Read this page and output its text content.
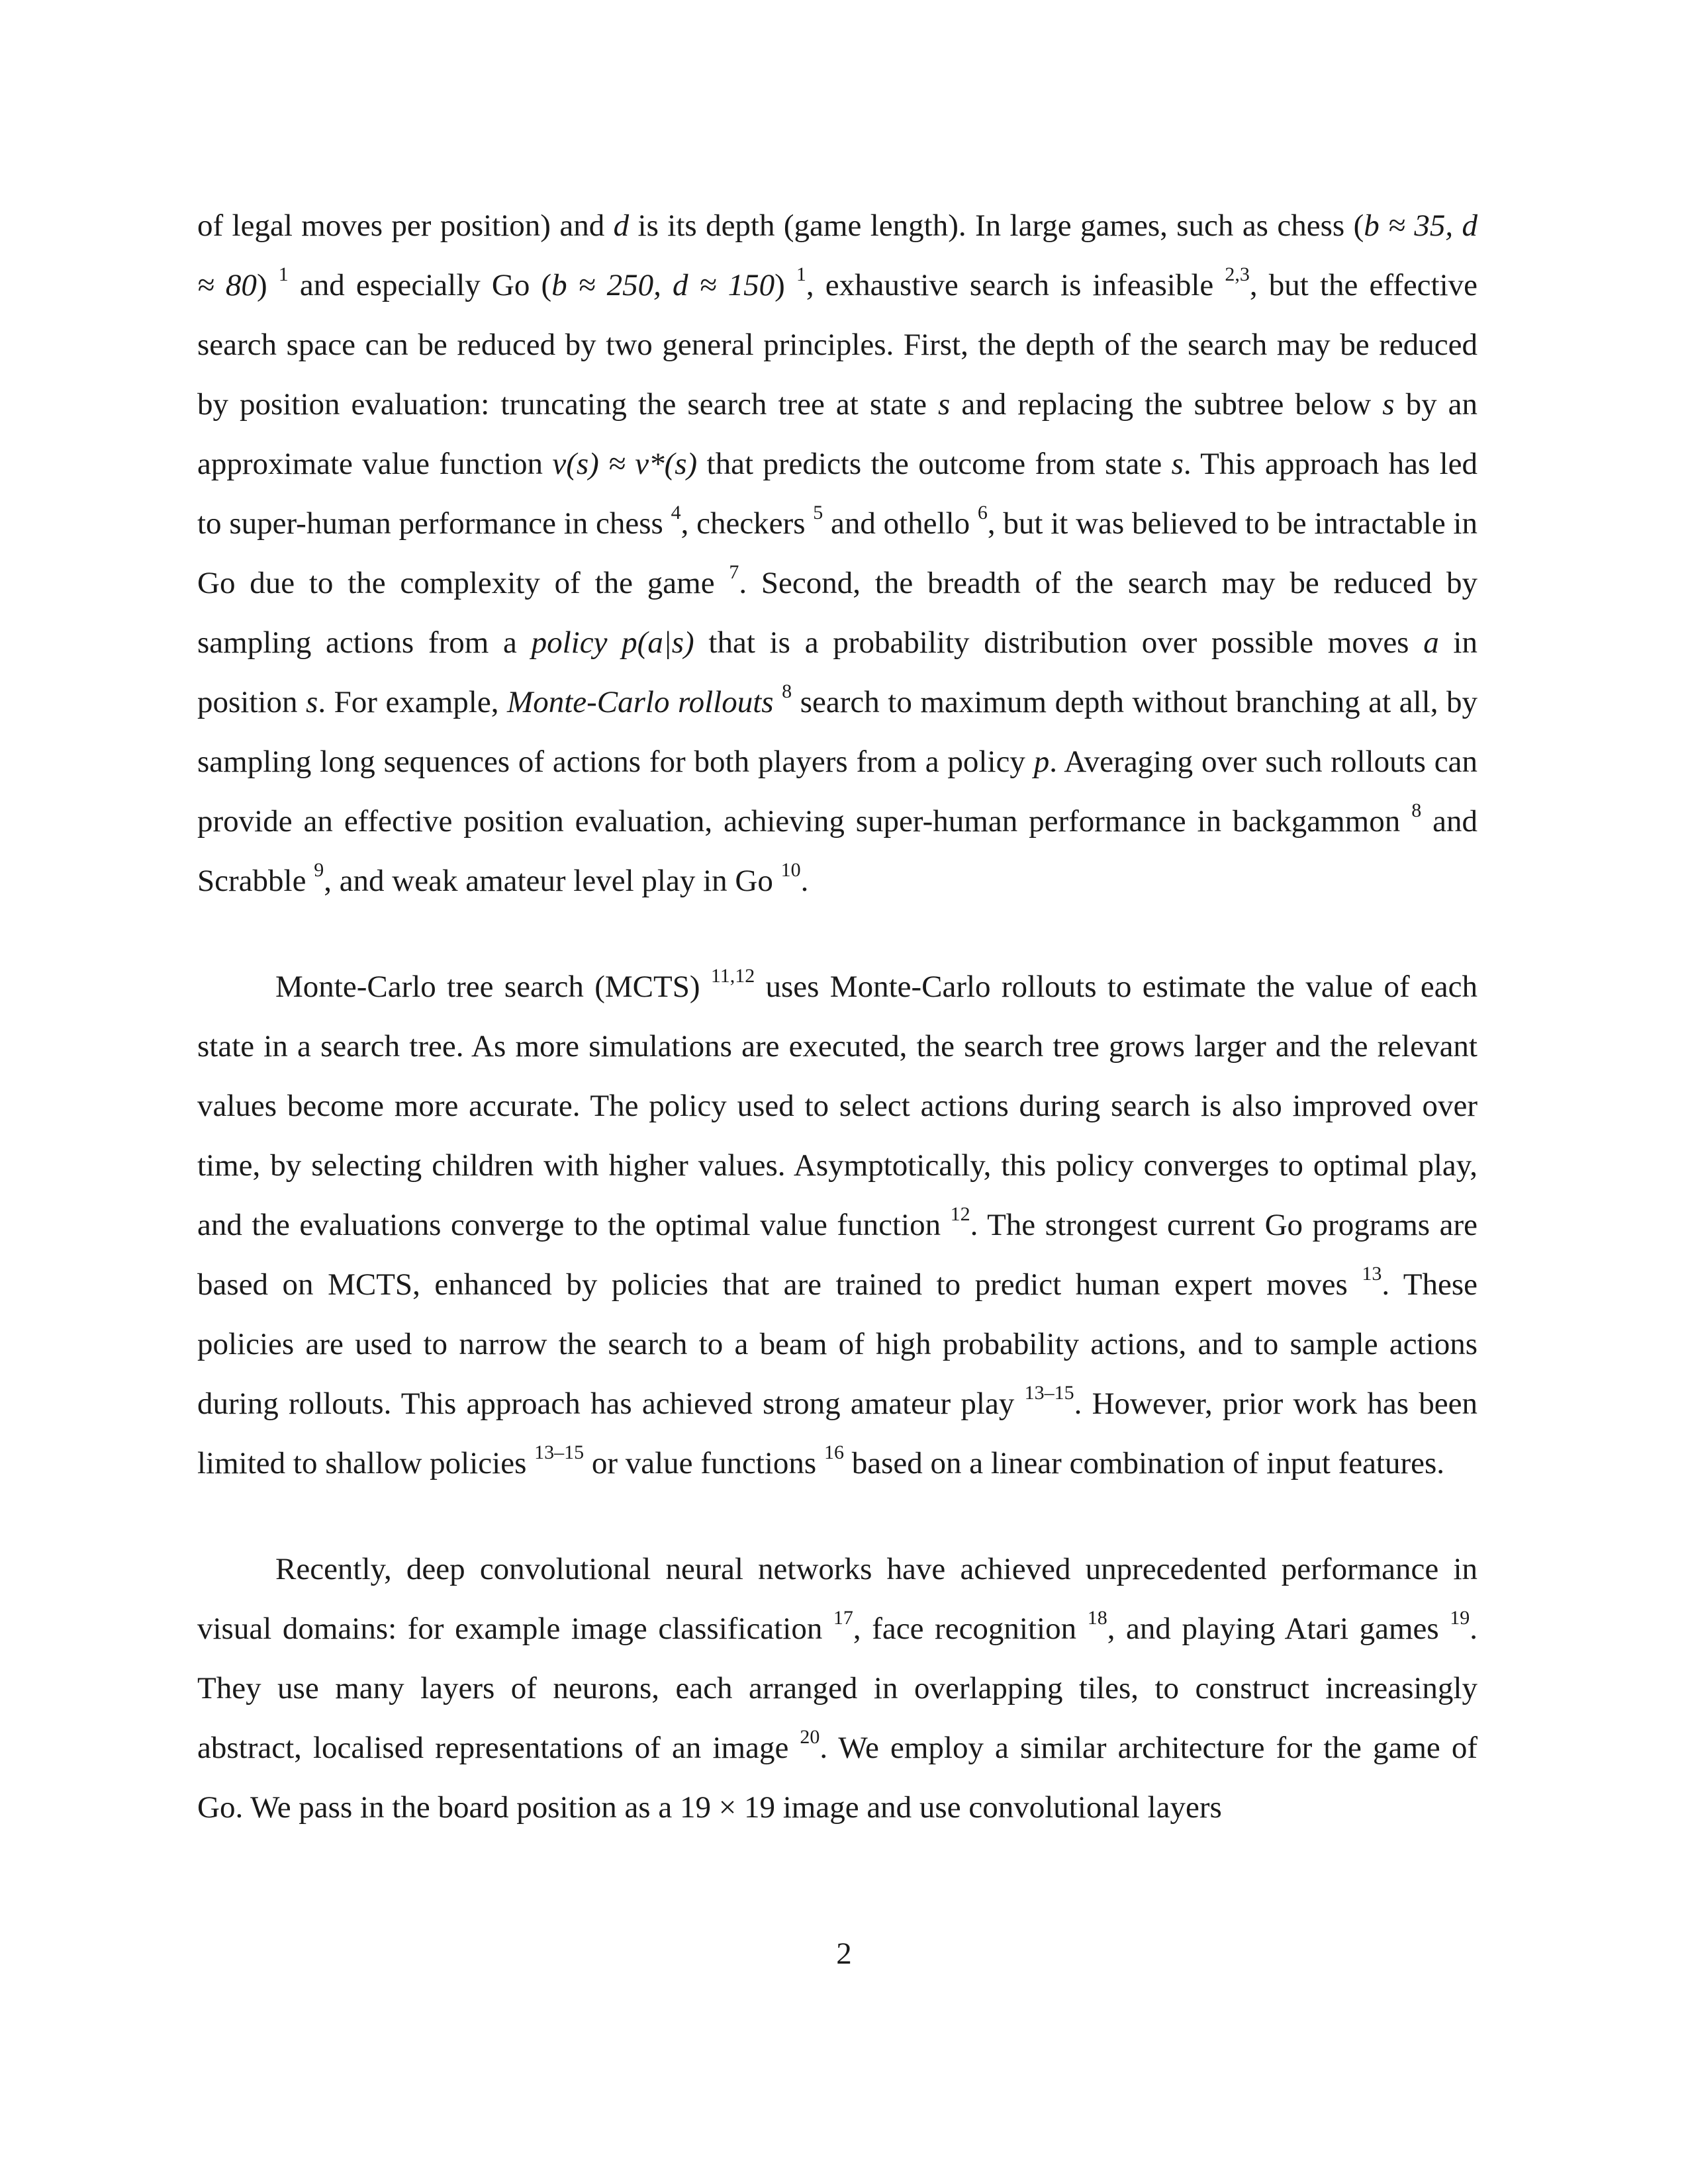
of legal moves per position) and d is its depth (game length). In large games, such as chess (b ≈ 35, d ≈ 80) $^1$ and especially Go (b ≈ 250, d ≈ 150) $^1$, exhaustive search is infeasible $^{2,3}$, but the effective search space can be reduced by two general principles. First, the depth of the search may be reduced by position evaluation: truncating the search tree at state s and replacing the subtree below s by an approximate value function v(s) ≈ v*(s) that predicts the outcome from state s. This approach has led to super-human performance in chess $^4$, checkers $^5$ and othello $^6$, but it was believed to be intractable in Go due to the complexity of the game $^7$. Second, the breadth of the search may be reduced by sampling actions from a policy p(a|s) that is a probability distribution over possible moves a in position s. For example, Monte-Carlo rollouts $^8$ search to maximum depth without branching at all, by sampling long sequences of actions for both players from a policy p. Averaging over such rollouts can provide an effective position evaluation, achieving super-human performance in backgammon $^8$ and Scrabble $^9$, and weak amateur level play in Go $^{10}$.

Monte-Carlo tree search (MCTS) $^{11,12}$ uses Monte-Carlo rollouts to estimate the value of each state in a search tree. As more simulations are executed, the search tree grows larger and the relevant values become more accurate. The policy used to select actions during search is also improved over time, by selecting children with higher values. Asymptotically, this policy converges to optimal play, and the evaluations converge to the optimal value function $^{12}$. The strongest current Go programs are based on MCTS, enhanced by policies that are trained to predict human expert moves $^{13}$. These policies are used to narrow the search to a beam of high probability actions, and to sample actions during rollouts. This approach has achieved strong amateur play $^{13-15}$. However, prior work has been limited to shallow policies $^{13-15}$ or value functions $^{16}$ based on a linear combination of input features.

Recently, deep convolutional neural networks have achieved unprecedented performance in visual domains: for example image classification $^{17}$, face recognition $^{18}$, and playing Atari games $^{19}$. They use many layers of neurons, each arranged in overlapping tiles, to construct increasingly abstract, localised representations of an image $^{20}$. We employ a similar architecture for the game of Go. We pass in the board position as a 19 × 19 image and use convolutional layers

2
